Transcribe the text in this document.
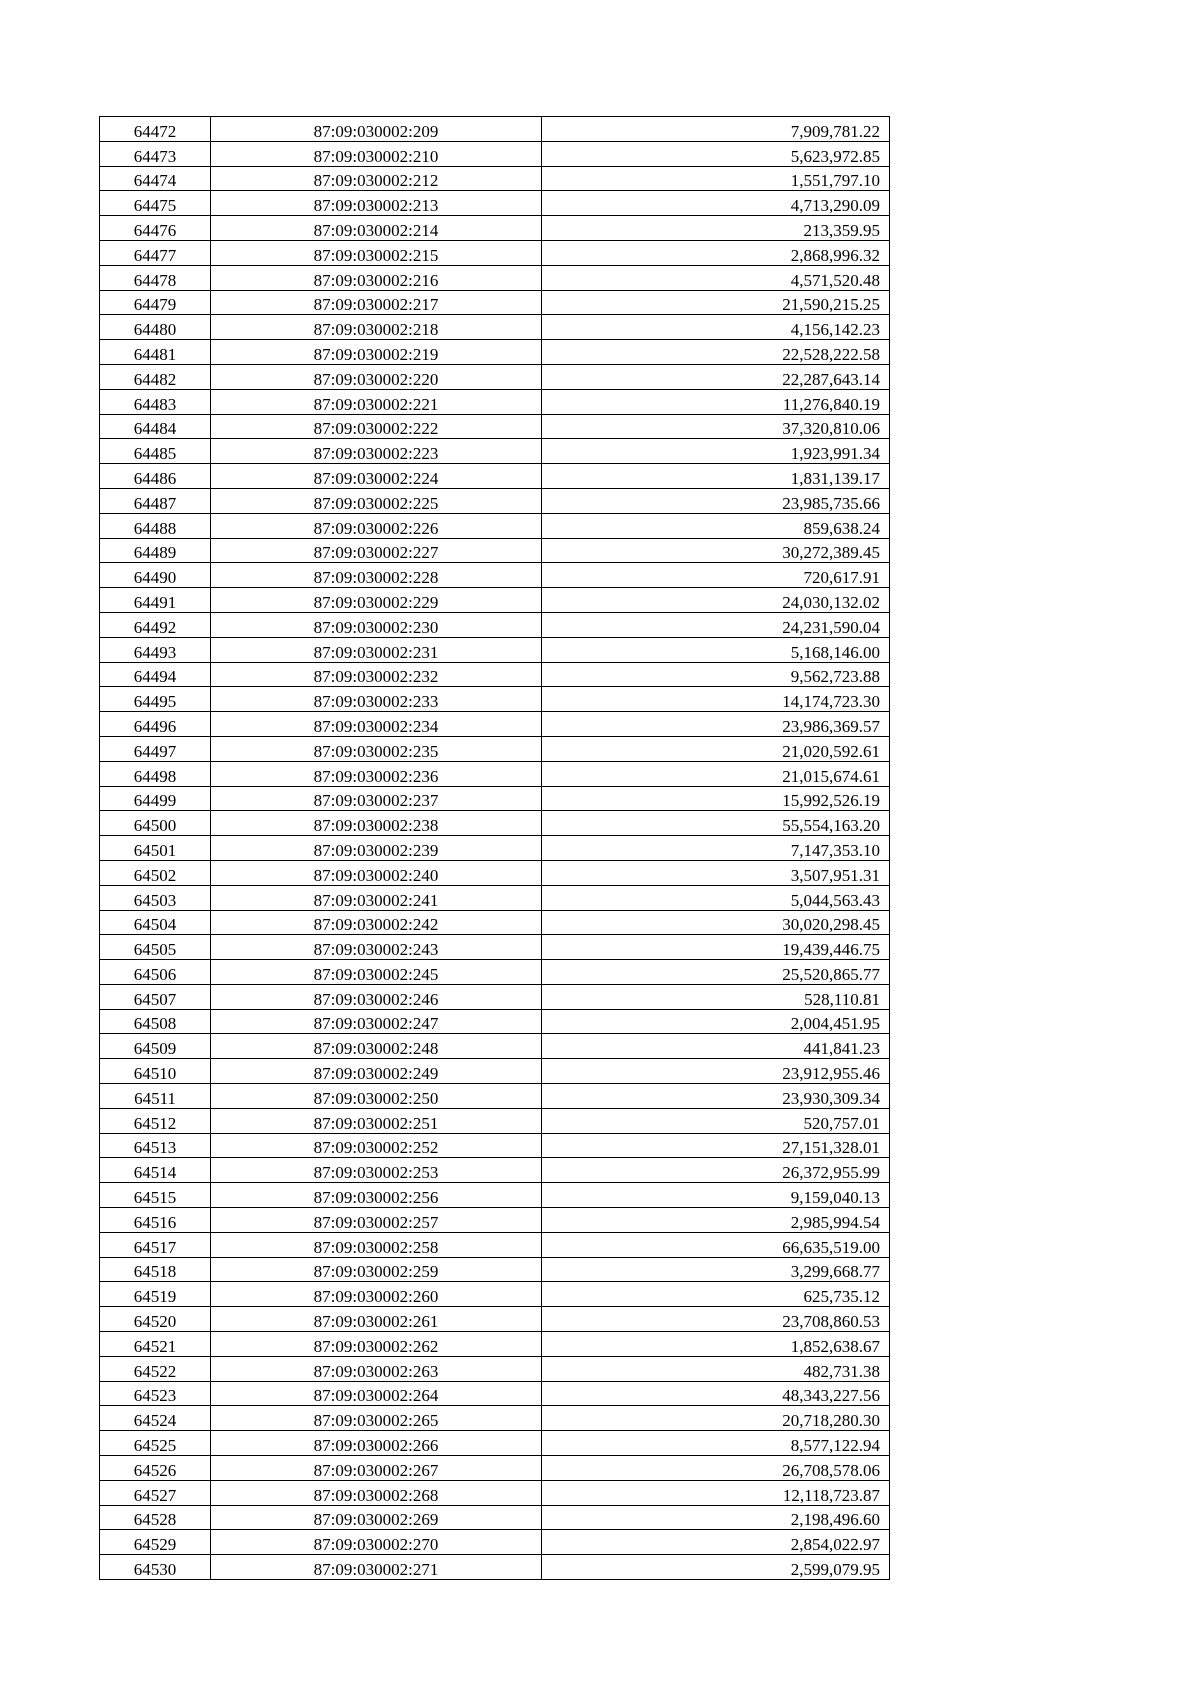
64472	87:09:030002:209	7,909,781.22
64473	87:09:030002:210	5,623,972.85
64474	87:09:030002:212	1,551,797.10
64475	87:09:030002:213	4,713,290.09
64476	87:09:030002:214	213,359.95
64477	87:09:030002:215	2,868,996.32
64478	87:09:030002:216	4,571,520.48
64479	87:09:030002:217	21,590,215.25
64480	87:09:030002:218	4,156,142.23
64481	87:09:030002:219	22,528,222.58
64482	87:09:030002:220	22,287,643.14
64483	87:09:030002:221	11,276,840.19
64484	87:09:030002:222	37,320,810.06
64485	87:09:030002:223	1,923,991.34
64486	87:09:030002:224	1,831,139.17
64487	87:09:030002:225	23,985,735.66
64488	87:09:030002:226	859,638.24
64489	87:09:030002:227	30,272,389.45
64490	87:09:030002:228	720,617.91
64491	87:09:030002:229	24,030,132.02
64492	87:09:030002:230	24,231,590.04
64493	87:09:030002:231	5,168,146.00
64494	87:09:030002:232	9,562,723.88
64495	87:09:030002:233	14,174,723.30
64496	87:09:030002:234	23,986,369.57
64497	87:09:030002:235	21,020,592.61
64498	87:09:030002:236	21,015,674.61
64499	87:09:030002:237	15,992,526.19
64500	87:09:030002:238	55,554,163.20
64501	87:09:030002:239	7,147,353.10
64502	87:09:030002:240	3,507,951.31
64503	87:09:030002:241	5,044,563.43
64504	87:09:030002:242	30,020,298.45
64505	87:09:030002:243	19,439,446.75
64506	87:09:030002:245	25,520,865.77
64507	87:09:030002:246	528,110.81
64508	87:09:030002:247	2,004,451.95
64509	87:09:030002:248	441,841.23
64510	87:09:030002:249	23,912,955.46
64511	87:09:030002:250	23,930,309.34
64512	87:09:030002:251	520,757.01
64513	87:09:030002:252	27,151,328.01
64514	87:09:030002:253	26,372,955.99
64515	87:09:030002:256	9,159,040.13
64516	87:09:030002:257	2,985,994.54
64517	87:09:030002:258	66,635,519.00
64518	87:09:030002:259	3,299,668.77
64519	87:09:030002:260	625,735.12
64520	87:09:030002:261	23,708,860.53
64521	87:09:030002:262	1,852,638.67
64522	87:09:030002:263	482,731.38
64523	87:09:030002:264	48,343,227.56
64524	87:09:030002:265	20,718,280.30
64525	87:09:030002:266	8,577,122.94
64526	87:09:030002:267	26,708,578.06
64527	87:09:030002:268	12,118,723.87
64528	87:09:030002:269	2,198,496.60
64529	87:09:030002:270	2,854,022.97
64530	87:09:030002:271	2,599,079.95
